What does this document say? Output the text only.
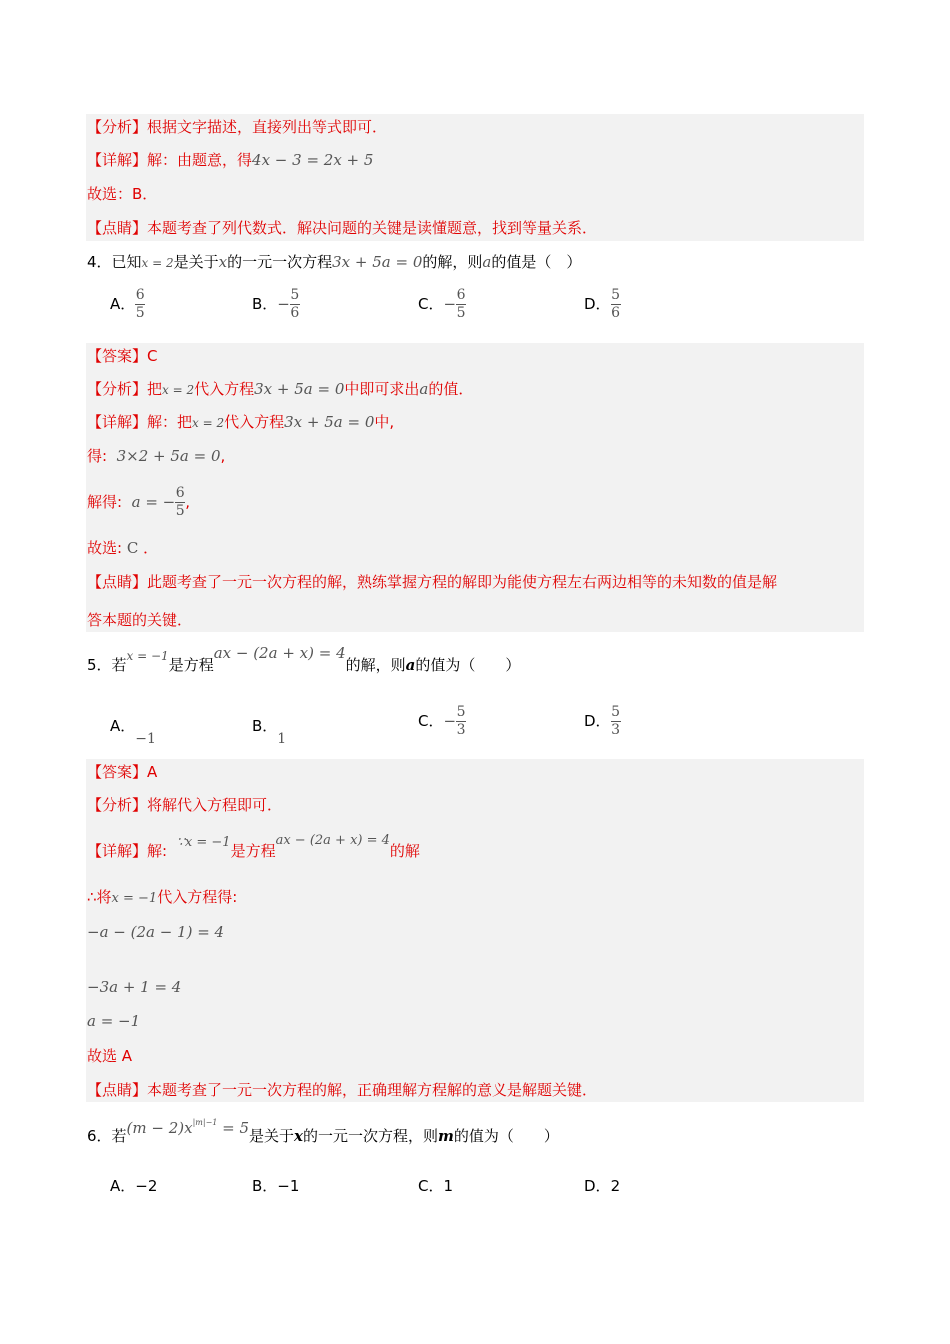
【分析】根据文字描述，直接列出等式即可．
【详解】解：由题意，得4x − 3 = 2x + 5
故选：B．
【点睛】本题考查了列代数式．解决问题的关键是读懂题意，找到等量关系．
4．已知x = 2是关于x的一元一次方程3x + 5a = 0的解，则a的值是（　）
A． $\frac{6}{5}$	B．− $\frac{5}{6}$	C．− $\frac{6}{5}$	D． $\frac{5}{6}$
【答案】C
【分析】把x = 2代入方程3x + 5a = 0中即可求出a的值．
【详解】解：把x = 2代入方程3x + 5a = 0中,
得: 3×2 + 5a = 0,
解得: a = − $\frac{6}{5}$ ,
故选: C ．
【点睛】此题考查了一元一次方程的解，熟练掌握方程的解即为能使方程左右两边相等的未知数的值是解
答本题的关键．
5．若$^{x = -1}$是方程ax − (2a + x) = 4的解，则a的值为（　　）
A．−1
B．1
C．− $\frac{5}{3}$	D． $\frac{5}{3}$
【答案】A
【分析】将解代入方程即可．
【详解】解: ∵x = −1是方程ax − (2a + x) = 4的解
∴将x = −1代入方程得:
−a − (2a − 1) = 4
−3a + 1 = 4
a = −1
故选 A
【点睛】本题考查了一元一次方程的解，正确理解方程解的意义是解题关键．
6．若$(m - 2)x^{|m|-1} = 5$是关于x的一元一次方程，则m的值为（　　）
A．−2	B．−1	C．1	D．2
